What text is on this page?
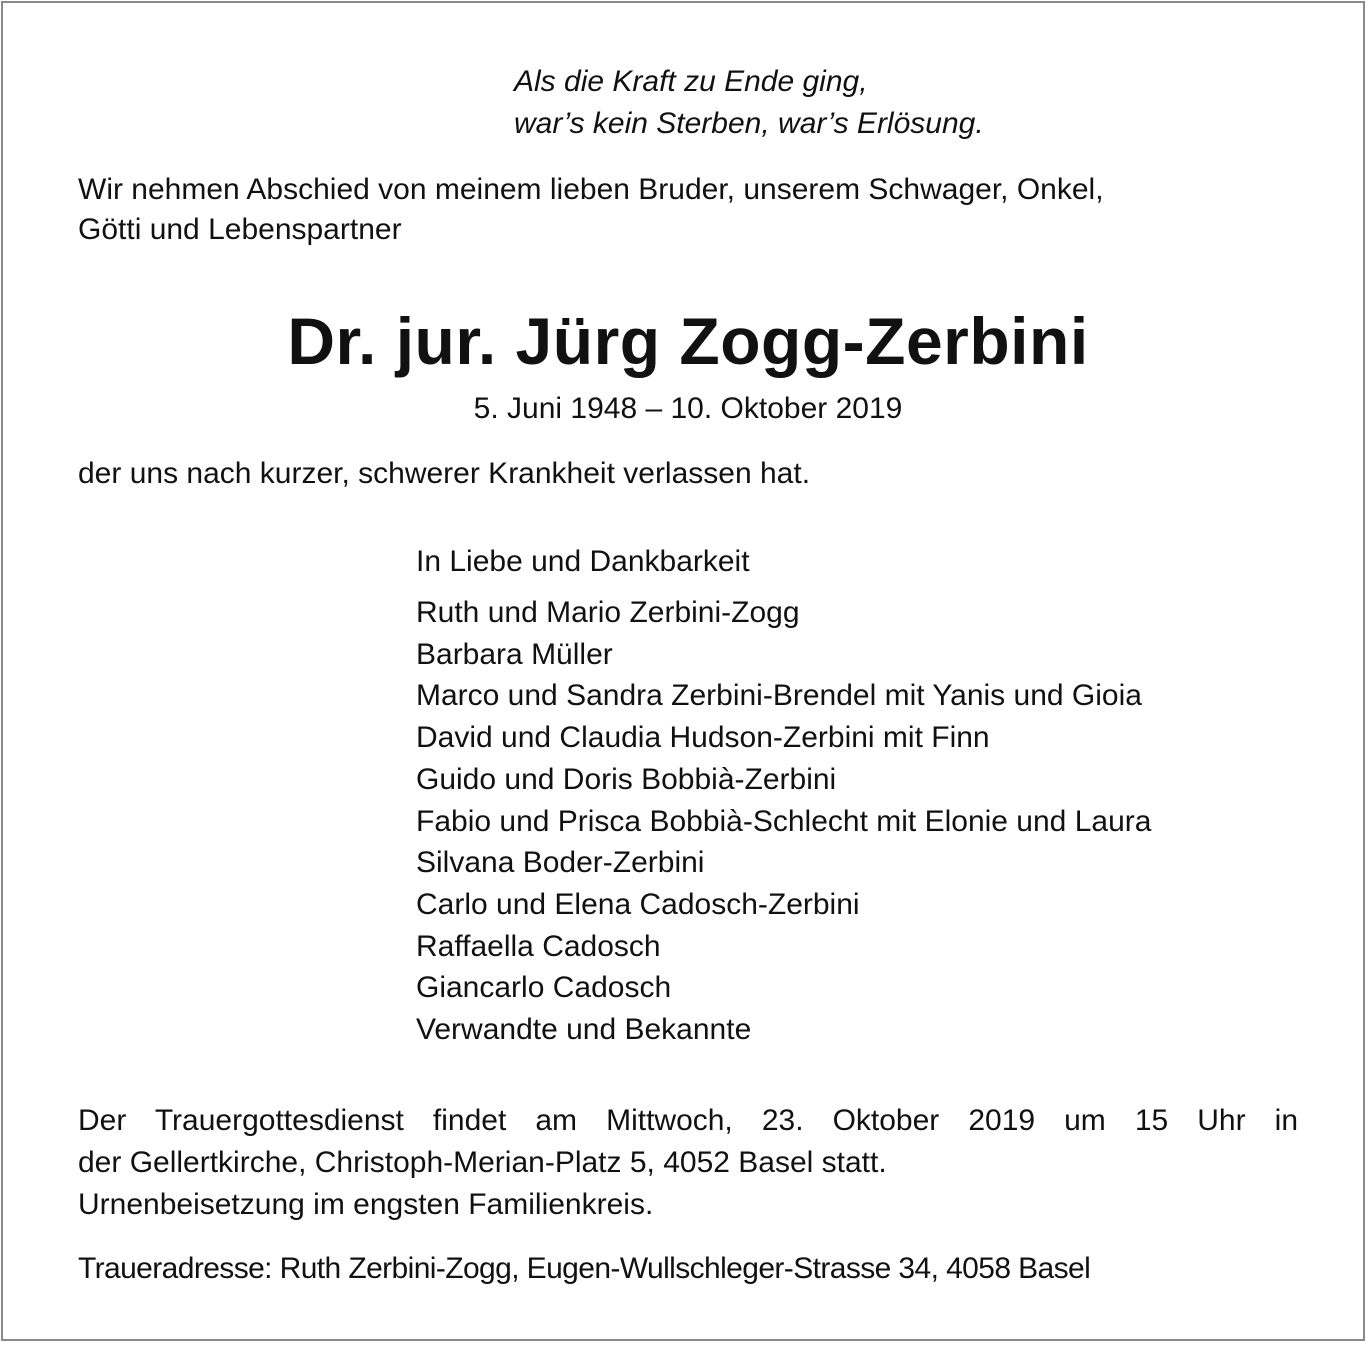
Als die Kraft zu Ende ging,
war’s kein Sterben, war’s Erlösung.
Wir nehmen Abschied von meinem lieben Bruder, unserem Schwager, Onkel,
Götti und Lebenspartner
Dr. jur. Jürg Zogg-Zerbini
5. Juni 1948 – 10. Oktober 2019
der uns nach kurzer, schwerer Krankheit verlassen hat.
In Liebe und Dankbarkeit
Ruth und Mario Zerbini-Zogg
Barbara Müller
Marco und Sandra Zerbini-Brendel mit Yanis und Gioia
David und Claudia Hudson-Zerbini mit Finn
Guido und Doris Bobbià-Zerbini
Fabio und Prisca Bobbià-Schlecht mit Elonie und Laura
Silvana Boder-Zerbini
Carlo und Elena Cadosch-Zerbini
Raffaella Cadosch
Giancarlo Cadosch
Verwandte und Bekannte
Der Trauergottesdienst findet am Mittwoch, 23. Oktober 2019 um 15 Uhr in
der Gellertkirche, Christoph-Merian-Platz 5, 4052 Basel statt.
Urnenbeisetzung im engsten Familienkreis.
Traueradresse: Ruth Zerbini-Zogg, Eugen-Wullschleger-Strasse 34, 4058 Basel
